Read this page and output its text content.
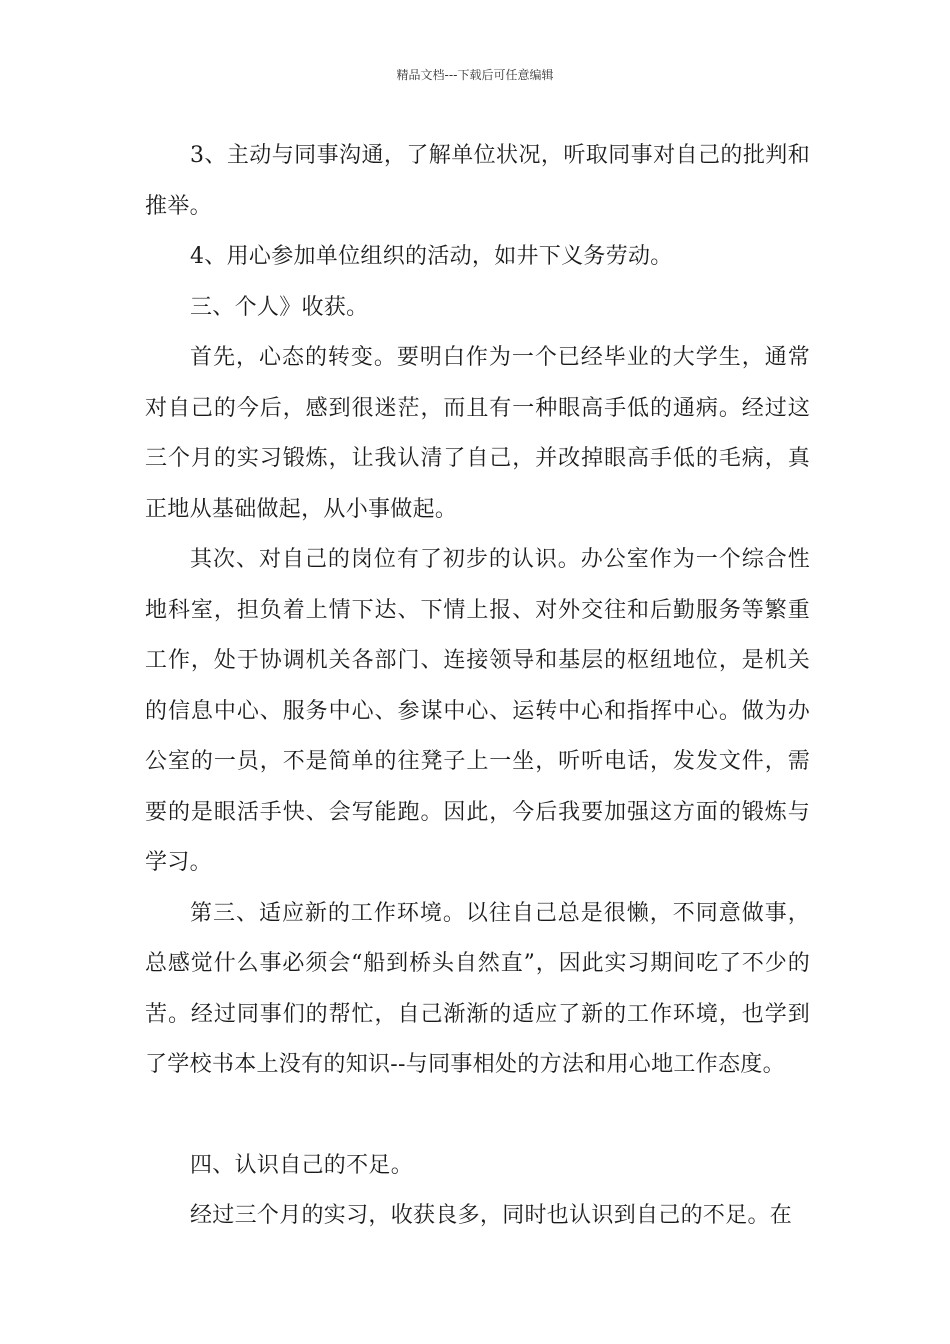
精品文档---下载后可任意编辑

3、主动与同事沟通，了解单位状况，听取同事对自己的批判和推举。

4、用心参加单位组织的活动，如井下义务劳动。

三、个人》收获。

首先，心态的转变。要明白作为一个已经毕业的大学生，通常对自己的今后，感到很迷茫，而且有一种眼高手低的通病。经过这三个月的实习锻炼，让我认清了自己，并改掉眼高手低的毛病，真正地从基础做起，从小事做起。

其次、对自己的岗位有了初步的认识。办公室作为一个综合性地科室，担负着上情下达、下情上报、对外交往和后勤服务等繁重工作，处于协调机关各部门、连接领导和基层的枢纽地位，是机关的信息中心、服务中心、参谋中心、运转中心和指挥中心。做为办公室的一员，不是简单的往凳子上一坐，听听电话，发发文件，需要的是眼活手快、会写能跑。因此，今后我要加强这方面的锻炼与学习。

第三、适应新的工作环境。以往自己总是很懒，不同意做事，总感觉什么事必须会“船到桥头自然直”，因此实习期间吃了不少的苦。经过同事们的帮忙，自己渐渐的适应了新的工作环境，也学到了学校书本上没有的知识--与同事相处的方法和用心地工作态度。

四、认识自己的不足。

经过三个月的实习，收获良多，同时也认识到自己的不足。在
